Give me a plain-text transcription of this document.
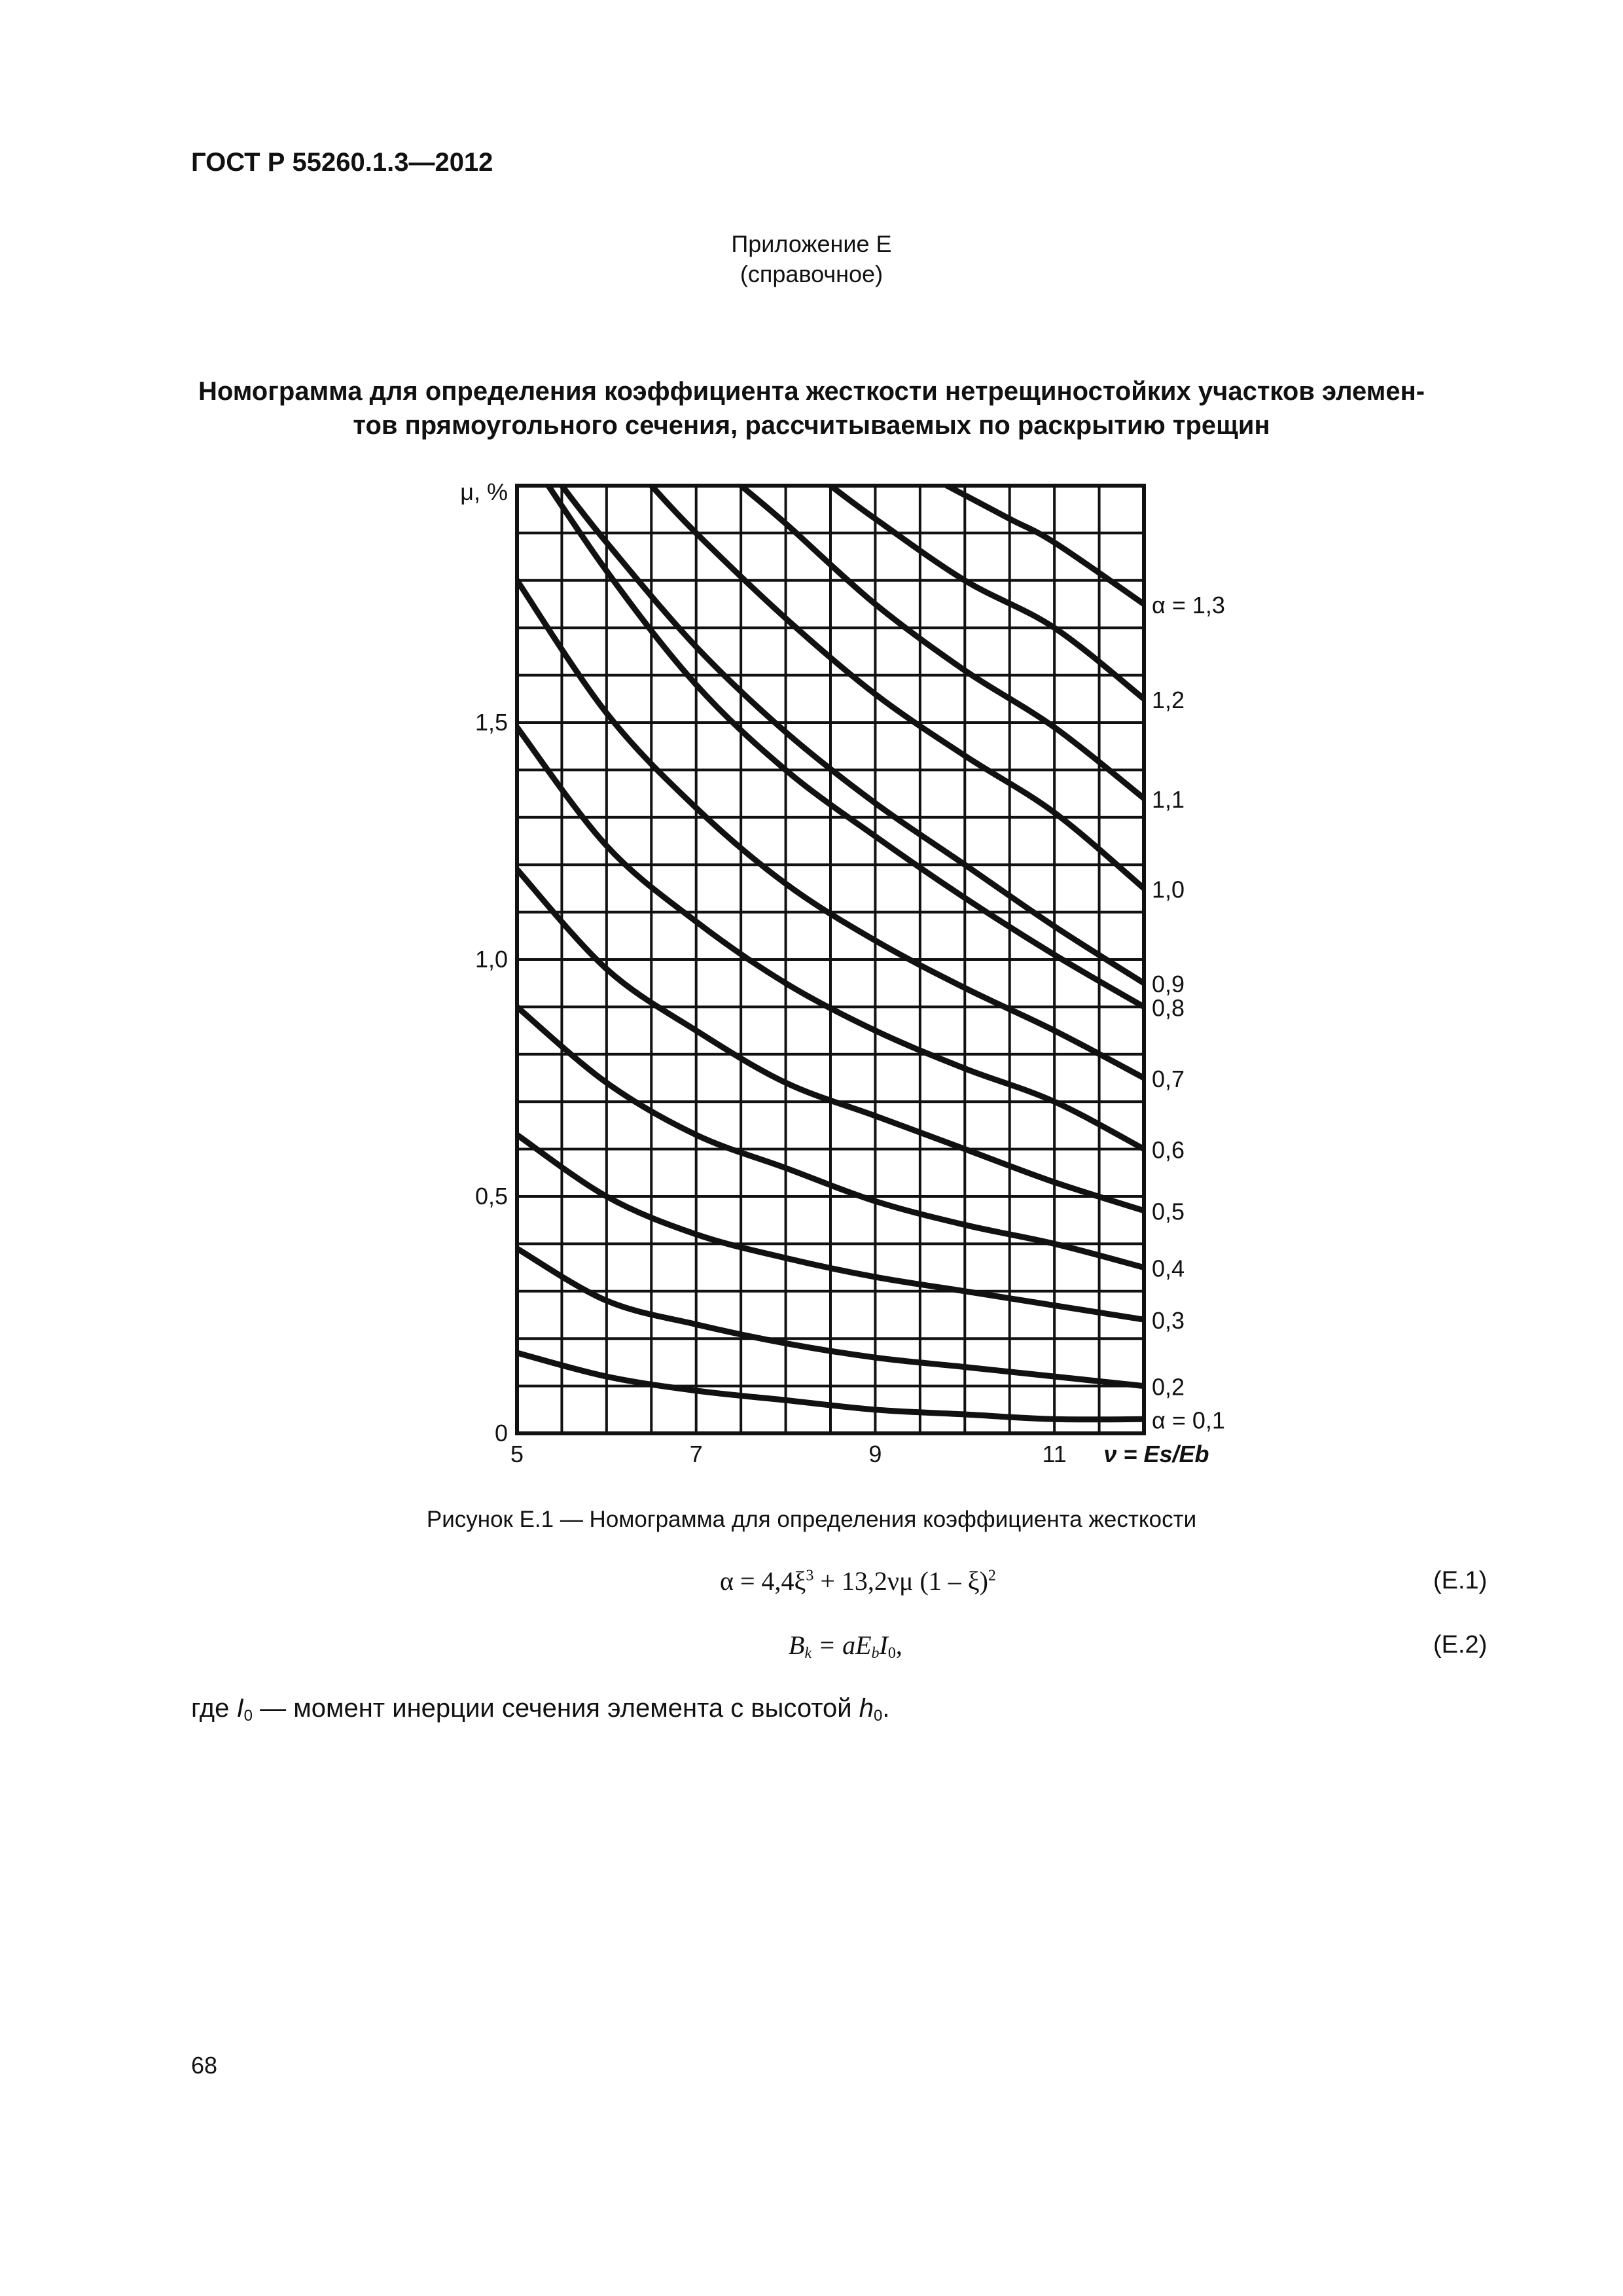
ГОСТ Р 55260.1.3—2012
Приложение Е
(справочное)
Номограмма для определения коэффициента жесткости нетрещиностойких участков элемен-
тов прямоугольного сечения, рассчитываемых по раскрытию трещин
α = 0,1
0,2
0,3
0,4
0,5
0,6
0,7
0,8
0,9
1,0
1,1
1,2
α = 1,3
0
0,5
1,0
1,5
5	7	9	11
μ, %
ν = Es/Eb
Рисунок Е.1 — Номограмма для определения коэффициента жесткости
$\alpha = 4,4\xi^3 + 13,2\nu\mu$ (1 – ξ)$^2$	(Е.1)
$B_k = aE_bI_0$,	(Е.2)
где $I_0$ — момент инерции сечения элемента с высотой $h_0$.
68
